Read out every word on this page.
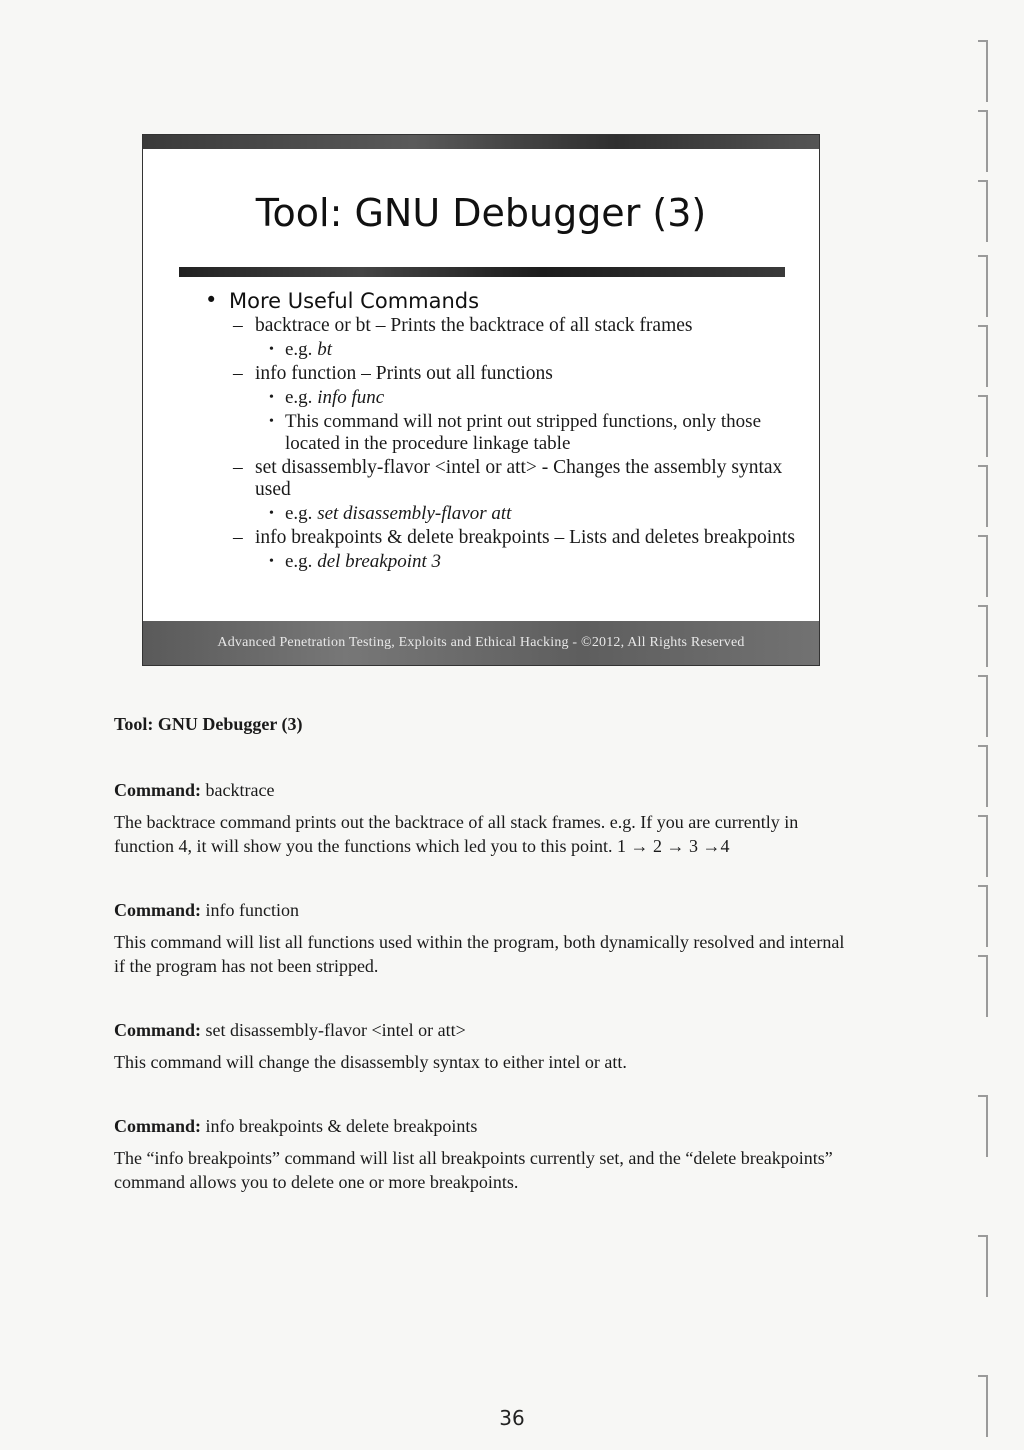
Tool: GNU Debugger (3)
• More Useful Commands
– backtrace or bt – Prints the backtrace of all stack frames
• e.g. bt
– info function – Prints out all functions
• e.g. info func
• This command will not print out stripped functions, only those located in the procedure linkage table
– set disassembly-flavor <intel or att> - Changes the assembly syntax used
• e.g. set disassembly-flavor att
– info breakpoints & delete breakpoints – Lists and deletes breakpoints
• e.g. del breakpoint 3
Advanced Penetration Testing, Exploits and Ethical Hacking - ©2012, All Rights Reserved

Tool: GNU Debugger (3)

Command: backtrace

The backtrace command prints out the backtrace of all stack frames. e.g. If you are currently in function 4, it will show you the functions which led you to this point. 1 → 2 → 3 →4

Command: info function

This command will list all functions used within the program, both dynamically resolved and internal if the program has not been stripped.

Command: set disassembly-flavor <intel or att>

This command will change the disassembly syntax to either intel or att.

Command: info breakpoints & delete breakpoints

The “info breakpoints” command will list all breakpoints currently set, and the “delete breakpoints” command allows you to delete one or more breakpoints.

36
